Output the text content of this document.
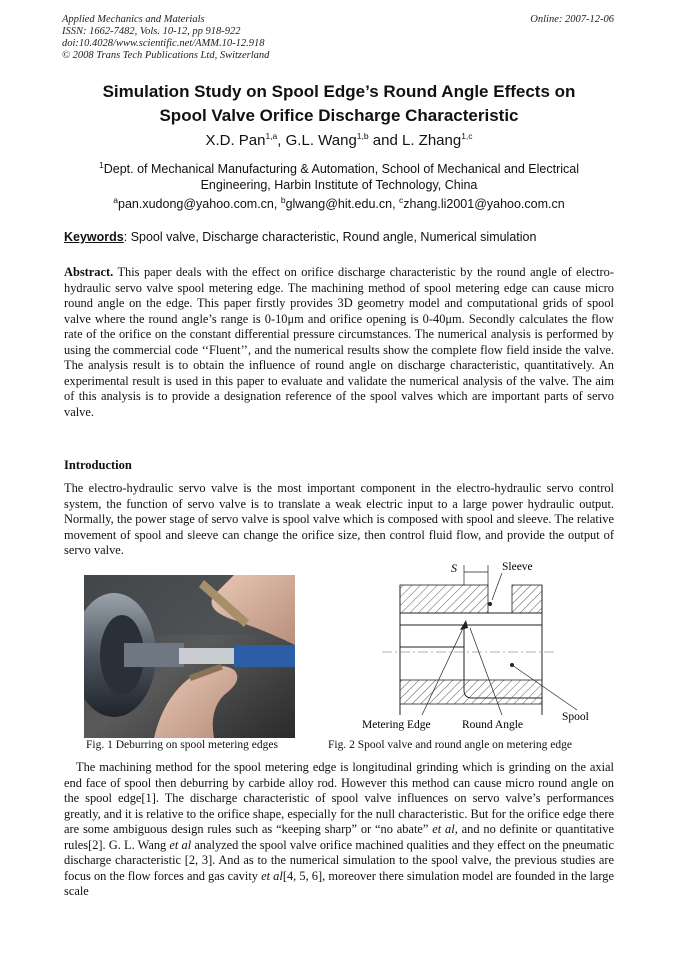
Applied Mechanics and Materials
ISSN: 1662-7482, Vols. 10-12, pp 918-922
doi:10.4028/www.scientific.net/AMM.10-12.918
© 2008 Trans Tech Publications Ltd, Switzerland
Online: 2007-12-06
Simulation Study on Spool Edge’s Round Angle Effects on
Spool Valve Orifice Discharge Characteristic
X.D. Pan$^{1,a}$, G.L. Wang$^{1,b}$ and L. Zhang$^{1,c}$
$^1$Dept. of Mechanical Manufacturing & Automation, School of Mechanical and Electrical Engineering, Harbin Institute of Technology, China
$^a$pan.xudong@yahoo.com.cn, $^b$glwang@hit.edu.cn, $^c$zhang.li2001@yahoo.com.cn
Keywords: Spool valve, Discharge characteristic, Round angle, Numerical simulation
Abstract. This paper deals with the effect on orifice discharge characteristic by the round angle of electro-hydraulic servo valve spool metering edge. The machining method of spool metering edge can cause micro round angle on the edge. This paper firstly provides 3D geometry model and computational grids of spool valve where the round angle’s range is 0-10μm and orifice opening is 0-40μm. Secondly calculates the flow rate of the orifice on the constant differential pressure circumstances. The numerical analysis is performed by using the commercial code ‘‘Fluent’’, and the numerical results show the complete flow field inside the valve. The analysis result is to obtain the influence of round angle on discharge characteristic, quantitatively. An experimental result is used in this paper to evaluate and validate the numerical analysis of the valve. The aim of this analysis is to provide a designation reference of the spool valves which are important parts of servo valve.
Introduction
The electro-hydraulic servo valve is the most important component in the electro-hydraulic servo control system, the function of servo valve is to translate a weak electric input to a large power hydraulic output. Normally, the power stage of servo valve is spool valve which is composed with spool and sleeve. The relative movement of spool and sleeve can change the orifice size, then control fluid flow, and provide the output of servo valve.
Fig. 1 Deburring on spool metering edges
S	Sleeve
Spool
Metering Edge	Round Angle
Fig. 2 Spool valve and round angle on metering edge
The machining method for the spool metering edge is longitudinal grinding which is grinding on the axial end face of spool then deburring by carbide alloy rod. However this method can cause micro round angle on the spool edge[1]. The discharge characteristic of spool valve influences on servo valve’s performances greatly, and it is relative to the orifice shape, especially for the null characteristic. But for the orifice edge there are some ambiguous design rules such as “keeping sharp” or “no abate” et al, and no definite or quantitative rules[2]. G. L. Wang et al analyzed the spool valve orifice machined qualities and they effect on the pneumatic discharge characteristic [2, 3]. And as to the numerical simulation to the spool valve, the previous studies are focus on the flow forces and gas cavity et al[4, 5, 6], moreover there simulation model are founded in the large scale
